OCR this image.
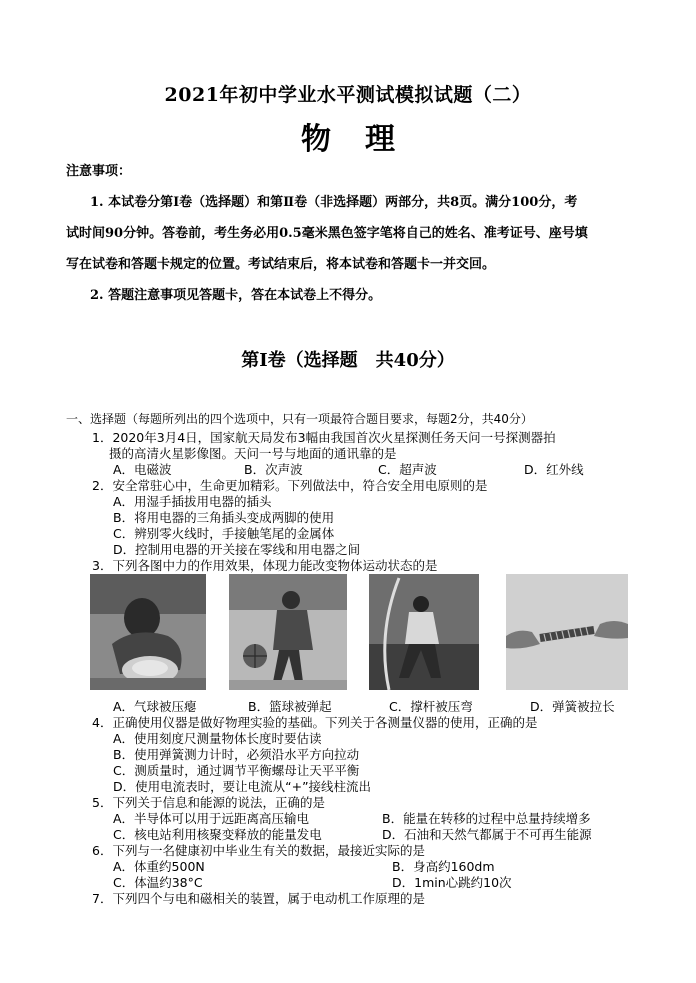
2021年初中学业水平测试模拟试题（二）
物理
注意事项：
1. 本试卷分第Ⅰ卷（选择题）和第Ⅱ卷（非选择题）两部分，共8页。满分100分，考
试时间90分钟。答卷前，考生务必用0.5毫米黑色签字笔将自己的姓名、准考证号、座号填
写在试卷和答题卡规定的位置。考试结束后，将本试卷和答题卡一并交回。
2. 答题注意事项见答题卡，答在本试卷上不得分。
第Ⅰ卷（选择题　共40分）
一、选择题（每题所列出的四个选项中，只有一项最符合题目要求，每题2分，共40分）
1．2020年3月4日，国家航天局发布3幅由我国首次火星探测任务天问一号探测器拍
摄的高清火星影像图。天问一号与地面的通讯靠的是
A．电磁波	B．次声波	C．超声波	D．红外线
2．安全常驻心中，生命更加精彩。下列做法中，符合安全用电原则的是
A．用湿手插拔用电器的插头
B．将用电器的三角插头变成两脚的使用
C．辨别零火线时，手接触笔尾的金属体
D．控制用电器的开关接在零线和用电器之间
3．下列各图中力的作用效果，体现力能改变物体运动状态的是
A．气球被压瘪	B．篮球被弹起	C．撑杆被压弯	D．弹簧被拉长
4．正确使用仪器是做好物理实验的基础。下列关于各测量仪器的使用，正确的是
A．使用刻度尺测量物体长度时要估读
B．使用弹簧测力计时，必须沿水平方向拉动
C．测质量时，通过调节平衡螺母让天平平衡
D．使用电流表时，要让电流从“+”接线柱流出
5．下列关于信息和能源的说法，正确的是
A．半导体可以用于远距离高压输电	B．能量在转移的过程中总量持续增多
C．核电站利用核聚变释放的能量发电	D．石油和天然气都属于不可再生能源
6．下列与一名健康初中毕业生有关的数据，最接近实际的是
A．体重约500N	B．身高约160dm
C．体温约38°C	D．1min心跳约10次
7．下列四个与电和磁相关的装置，属于电动机工作原理的是
